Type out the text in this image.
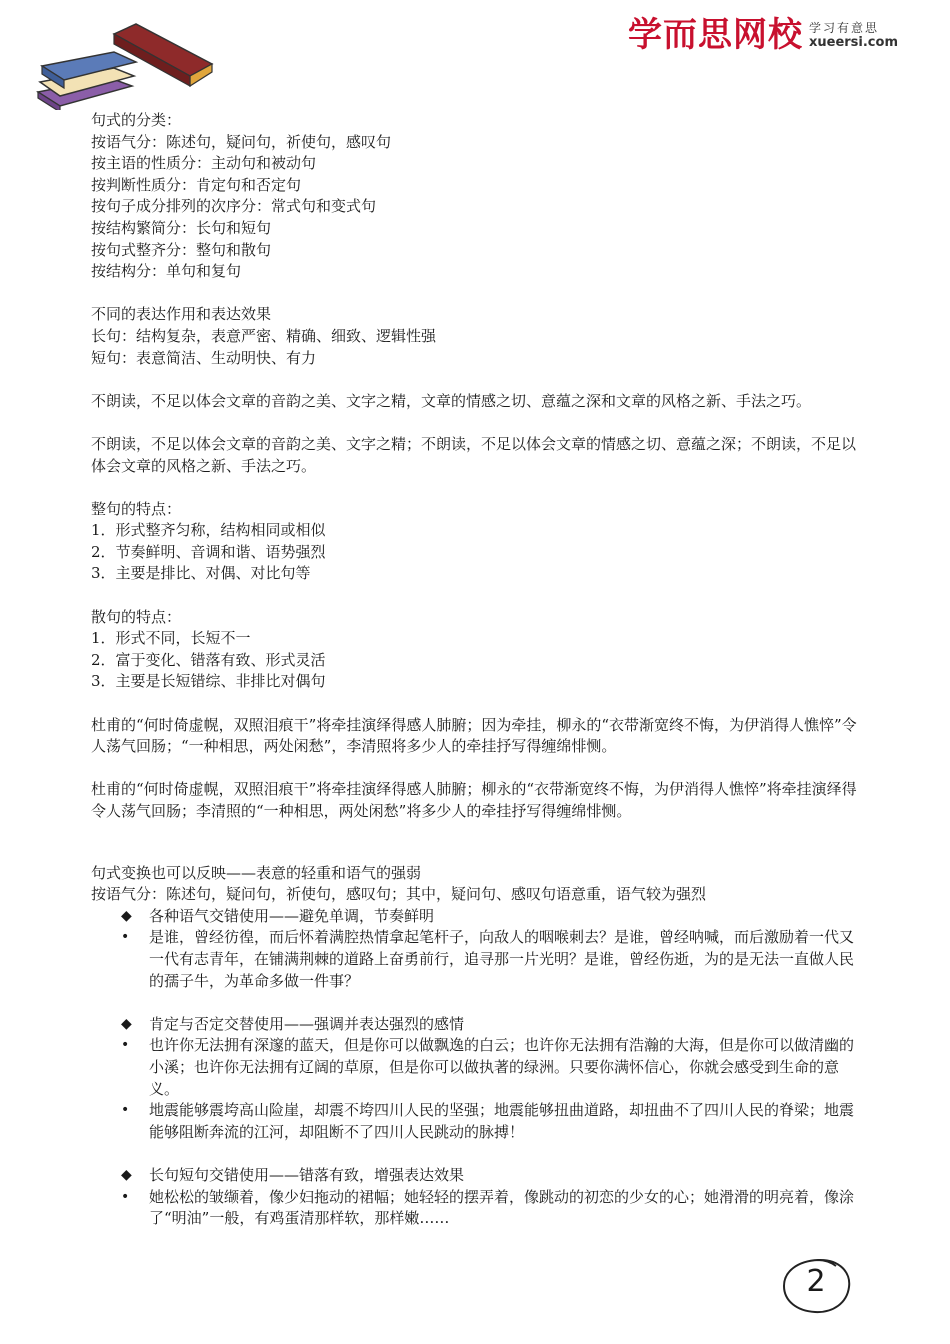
学而思网校 学习有意思
xueersi.com

句式的分类：

按语气分：陈述句，疑问句，祈使句，感叹句

按主语的性质分：主动句和被动句

按判断性质分：肯定句和否定句

按句子成分排列的次序分：常式句和变式句

按结构繁简分：长句和短句

按句式整齐分：整句和散句

按结构分：单句和复句

不同的表达作用和表达效果

长句：结构复杂，表意严密、精确、细致、逻辑性强

短句：表意简洁、生动明快、有力

不朗读，不足以体会文章的音韵之美、文字之精，文章的情感之切、意蕴之深和文章的风格之新、手法之巧。

不朗读，不足以体会文章的音韵之美、文字之精；不朗读，不足以体会文章的情感之切、意蕴之深；不朗读，不足以体会文章的风格之新、手法之巧。

整句的特点：

1．形式整齐匀称，结构相同或相似

2．节奏鲜明、音调和谐、语势强烈

3．主要是排比、对偶、对比句等

散句的特点：

1．形式不同，长短不一

2．富于变化、错落有致、形式灵活

3．主要是长短错综、非排比对偶句

杜甫的“何时倚虚幌，双照泪痕干”将牵挂演绎得感人肺腑；因为牵挂，柳永的“衣带渐宽终不悔，为伊消得人憔悴”令人荡气回肠；“一种相思，两处闲愁”，李清照将多少人的牵挂抒写得缠绵悱恻。

杜甫的“何时倚虚幌，双照泪痕干”将牵挂演绎得感人肺腑；柳永的“衣带渐宽终不悔，为伊消得人憔悴”将牵挂演绎得令人荡气回肠；李清照的“一种相思，两处闲愁”将多少人的牵挂抒写得缠绵悱恻。

句式变换也可以反映——表意的轻重和语气的强弱

按语气分：陈述句，疑问句，祈使句，感叹句；其中，疑问句、感叹句语意重，语气较为强烈

◆	各种语气交错使用——避免单调，节奏鲜明
•	是谁，曾经彷徨，而后怀着满腔热情拿起笔杆子，向敌人的咽喉刺去？是谁，曾经呐喊，而后激励着一代又一代有志青年，在铺满荆棘的道路上奋勇前行，追寻那一片光明？是谁，曾经伤逝，为的是无法一直做人民的孺子牛，为革命多做一件事？
◆	肯定与否定交替使用——强调并表达强烈的感情
•	也许你无法拥有深邃的蓝天，但是你可以做飘逸的白云；也许你无法拥有浩瀚的大海，但是你可以做清幽的小溪；也许你无法拥有辽阔的草原，但是你可以做执著的绿洲。只要你满怀信心，你就会感受到生命的意义。
•	地震能够震垮高山险崖，却震不垮四川人民的坚强；地震能够扭曲道路，却扭曲不了四川人民的脊梁；地震能够阻断奔流的江河，却阻断不了四川人民跳动的脉搏！
◆	长句短句交错使用——错落有致，增强表达效果
•	她松松的皱缬着，像少妇拖动的裙幅；她轻轻的摆弄着，像跳动的初恋的少女的心；她滑滑的明亮着，像涂了“明油”一般，有鸡蛋清那样软，那样嫩……
2
